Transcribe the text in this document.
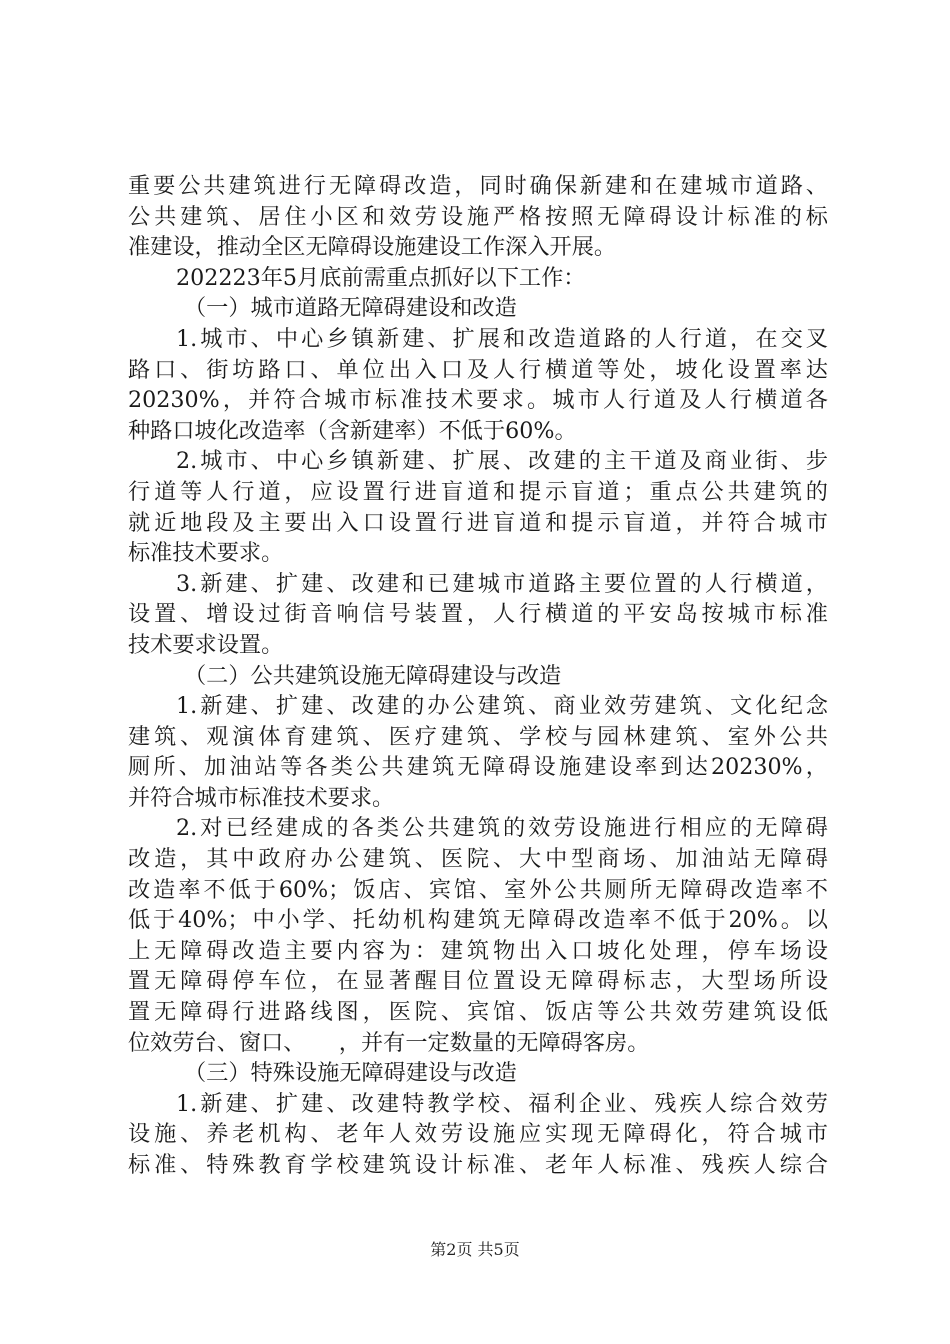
重要公共建筑进行无障碍改造，同时确保新建和在建城市道路、
公共建筑、居住小区和效劳设施严格按照无障碍设计标准的标
准建设，推动全区无障碍设施建设工作深入开展。
202223年5月底前需重点抓好以下工作：
（一）城市道路无障碍建设和改造
1.城市、中心乡镇新建、扩展和改造道路的人行道，在交叉
路口、街坊路口、单位出入口及人行横道等处，坡化设置率达
20230%，并符合城市标准技术要求。城市人行道及人行横道各
种路口坡化改造率（含新建率）不低于60%。
2.城市、中心乡镇新建、扩展、改建的主干道及商业街、步
行道等人行道，应设置行进盲道和提示盲道；重点公共建筑的
就近地段及主要出入口设置行进盲道和提示盲道，并符合城市
标准技术要求。
3.新建、扩建、改建和已建城市道路主要位置的人行横道，
设置、增设过街音响信号装置，人行横道的平安岛按城市标准
技术要求设置。
（二）公共建筑设施无障碍建设与改造
1.新建、扩建、改建的办公建筑、商业效劳建筑、文化纪念
建筑、观演体育建筑、医疗建筑、学校与园林建筑、室外公共
厕所、加油站等各类公共建筑无障碍设施建设率到达20230%，
并符合城市标准技术要求。
2.对已经建成的各类公共建筑的效劳设施进行相应的无障碍
改造，其中政府办公建筑、医院、大中型商场、加油站无障碍
改造率不低于60%；饭店、宾馆、室外公共厕所无障碍改造率不
低于40%；中小学、托幼机构建筑无障碍改造率不低于20%。以
上无障碍改造主要内容为：建筑物出入口坡化处理，停车场设
置无障碍停车位，在显著醒目位置设无障碍标志，大型场所设
置无障碍行进路线图，医院、宾馆、饭店等公共效劳建筑设低
位效劳台、窗口、　　，并有一定数量的无障碍客房。
（三）特殊设施无障碍建设与改造
1.新建、扩建、改建特教学校、福利企业、残疾人综合效劳
设施、养老机构、老年人效劳设施应实现无障碍化，符合城市
标准、特殊教育学校建筑设计标准、老年人标准、残疾人综合
第2页 共5页
